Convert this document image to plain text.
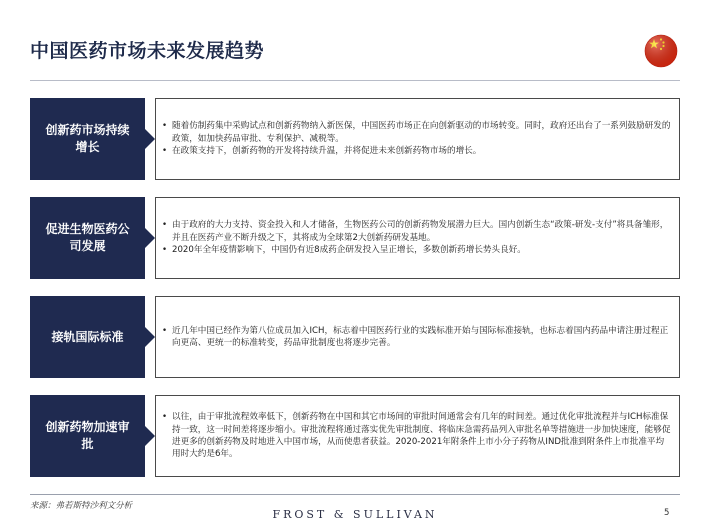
中国医药市场未来发展趋势
创新药市场持续增长
• 随着仿制药集中采购试点和创新药物纳入新医保，中国医药市场正在向创新驱动的市场转变。同时，政府还出台了一系列鼓励研发的政策，如加快药品审批、专利保护、减税等。
• 在政策支持下，创新药物的开发将持续升温，并将促进未来创新药物市场的增长。
促进生物医药公司发展
• 由于政府的大力支持、资金投入和人才储备，生物医药公司的创新药物发展潜力巨大。国内创新生态“政策-研发-支付”将具备雏形，并且在医药产业不断升级之下，其将成为全球第2大创新药研发基地。
• 2020年全年疫情影响下，中国仍有近8成药企研发投入呈正增长，多数创新药增长势头良好。
接轨国际标准
•	近几年中国已经作为第八位成员加入ICH，标志着中国医药行业的实践标准开始与国际标准接轨，也标志着国内药品申请注册过程正向更高、更统一的标准转变，药品审批制度也将逐步完善。
创新药物加速审批
• 以往，由于审批流程效率低下，创新药物在中国和其它市场间的审批时间通常会有几年的时间差。通过优化审批流程并与ICH标准保持一致，这一时间差将逐步缩小。审批流程将通过落实优先审批制度、将临床急需药品列入审批名单等措施进一步加快速度，能够促进更多的创新药物及时地进入中国市场，从而使患者获益。2020-2021年附条件上市小分子药物从IND批准到附条件上市批准平均用时大约是6年。
来源：弗若斯特沙利文分析
FROST & SULLIVAN	5
